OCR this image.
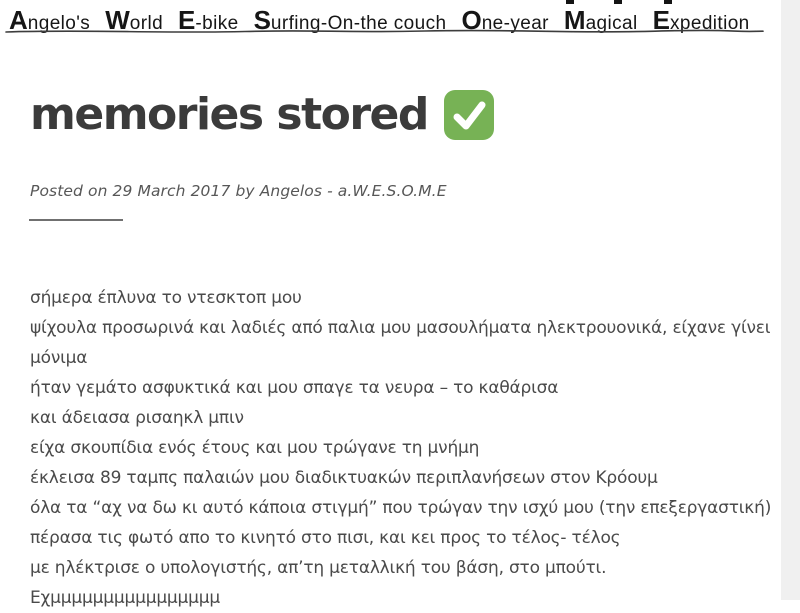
Angelo's World E-bike Surfing-On-the couch One-year Magical Expedition
memories stored
Posted on 29 March 2017 by Angelos - a.W.E.S.O.M.E
σήμερα έπλυνα το ντεσκτοπ μου
ψίχουλα προσωρινά και λαδιές από παλια μου μασουλήματα ηλεκτρουονικά, είχανε γίνει
μόνιμα
ήταν γεμάτο ασφυκτικά και μου σπαγε τα νευρα – το καθάρισα
και άδειασα ρισαηκλ μπιν
είχα σκουπίδια ενός έτους και μου τρώγανε τη μνήμη
έκλεισα 89 ταμπς παλαιών μου διαδικτυακών περιπλανήσεων στον Κρόουμ
όλα τα “αχ να δω κι αυτό κάποια στιγμή” που τρώγαν την ισχύ μου (την επεξεργαστική)
πέρασα τις φωτό απο το κινητό στο πισι, και κει προς το τέλος- τέλος
με ηλέκτρισε ο υπολογιστής, απ’τη μεταλλική του βάση, στο μπούτι.
Εχμμμμμμμμμμμμμμμμ
